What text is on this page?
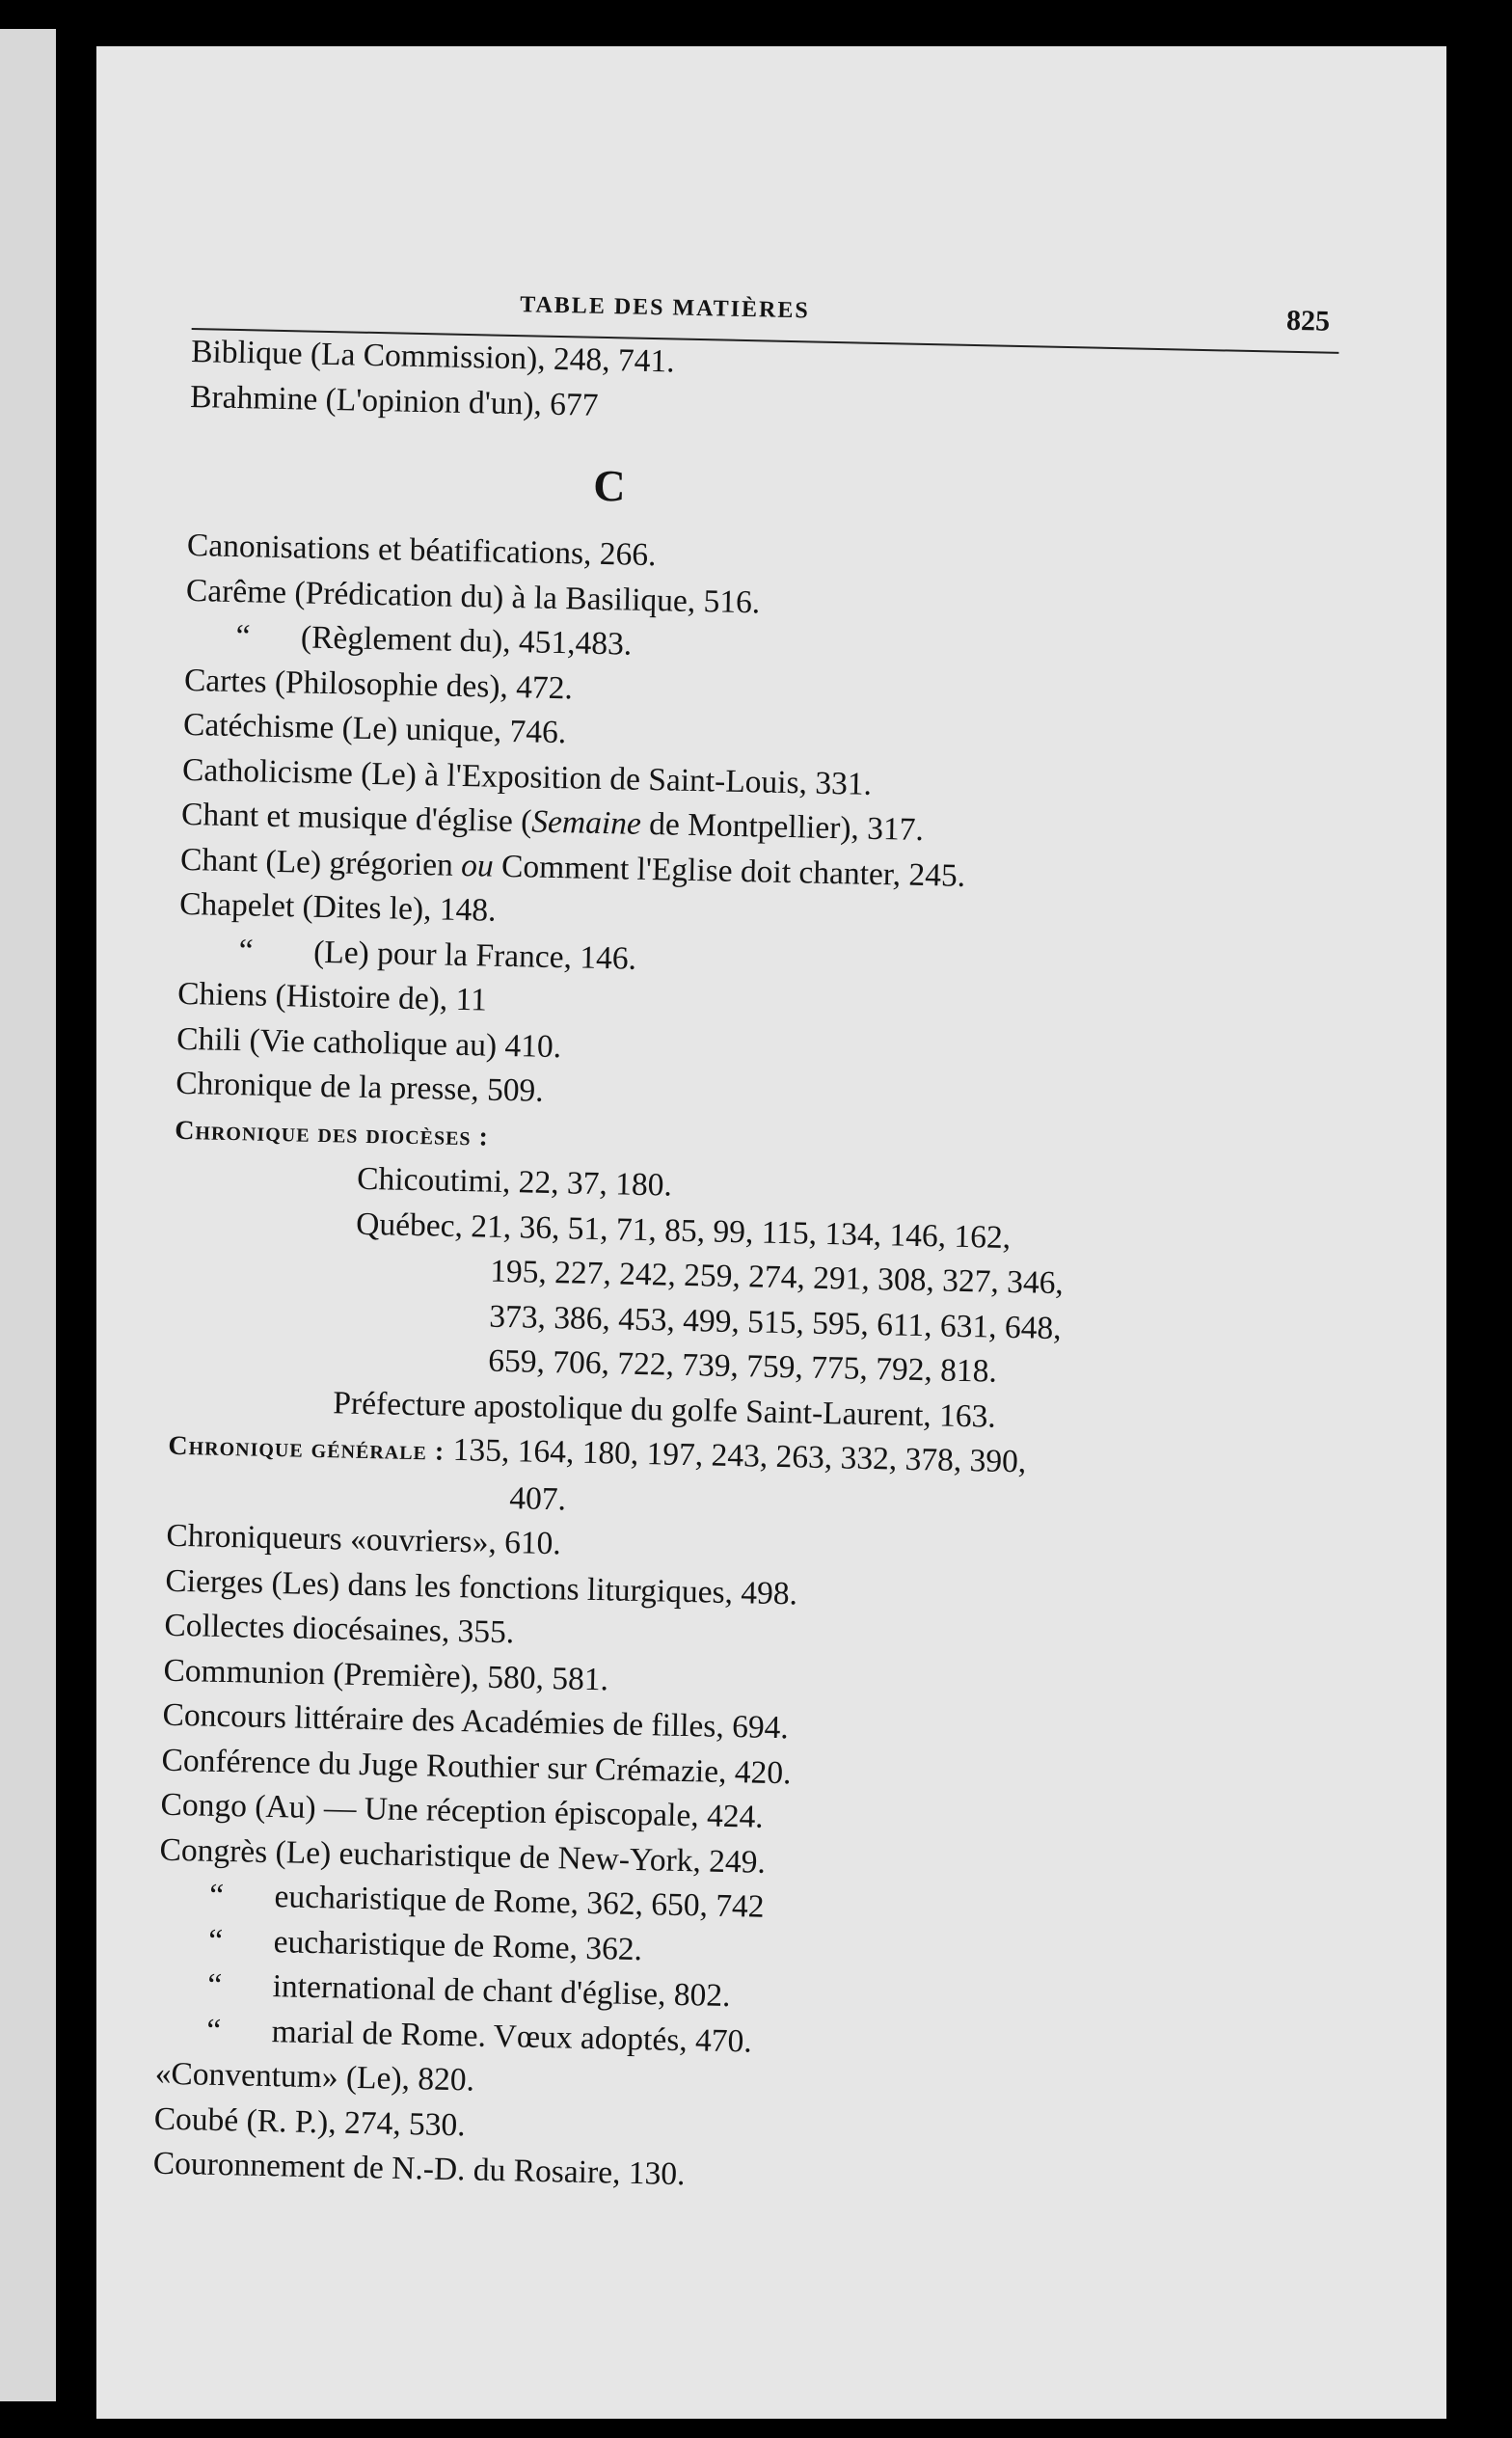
TABLE DES MATIÈRES	825
Biblique (La Commission), 248, 741.
Brahmine (L'opinion d'un), 677
C
Canonisations et béatifications, 266.
Carême (Prédication du) à la Basilique, 516.
“ (Règlement du), 451,483.
Cartes (Philosophie des), 472.
Catéchisme (Le) unique, 746.
Catholicisme (Le) à l'Exposition de Saint-Louis, 331.
Chant et musique d'église (Semaine de Montpellier), 317.
Chant (Le) grégorien ou Comment l'Eglise doit chanter, 245.
Chapelet (Dites le), 148.
“ (Le) pour la France, 146.
Chiens (Histoire de), 11
Chili (Vie catholique au) 410.
Chronique de la presse, 509.
Chronique des diocèses :
Chicoutimi, 22, 37, 180.
Québec, 21, 36, 51, 71, 85, 99, 115, 134, 146, 162,
195, 227, 242, 259, 274, 291, 308, 327, 346,
373, 386, 453, 499, 515, 595, 611, 631, 648,
659, 706, 722, 739, 759, 775, 792, 818.
Préfecture apostolique du golfe Saint-Laurent, 163.
Chronique générale : 135, 164, 180, 197, 243, 263, 332, 378, 390,
407.
Chroniqueurs «ouvriers», 610.
Cierges (Les) dans les fonctions liturgiques, 498.
Collectes diocésaines, 355.
Communion (Première), 580, 581.
Concours littéraire des Académies de filles, 694.
Conférence du Juge Routhier sur Crémazie, 420.
Congo (Au) — Une réception épiscopale, 424.
Congrès (Le) eucharistique de New-York, 249.
“ eucharistique de Rome, 362, 650, 742
“ eucharistique de Rome, 362.
“ international de chant d'église, 802.
“ marial de Rome. Vœux adoptés, 470.
«Conventum» (Le), 820.
Coubé (R. P.), 274, 530.
Couronnement de N.-D. du Rosaire, 130.
